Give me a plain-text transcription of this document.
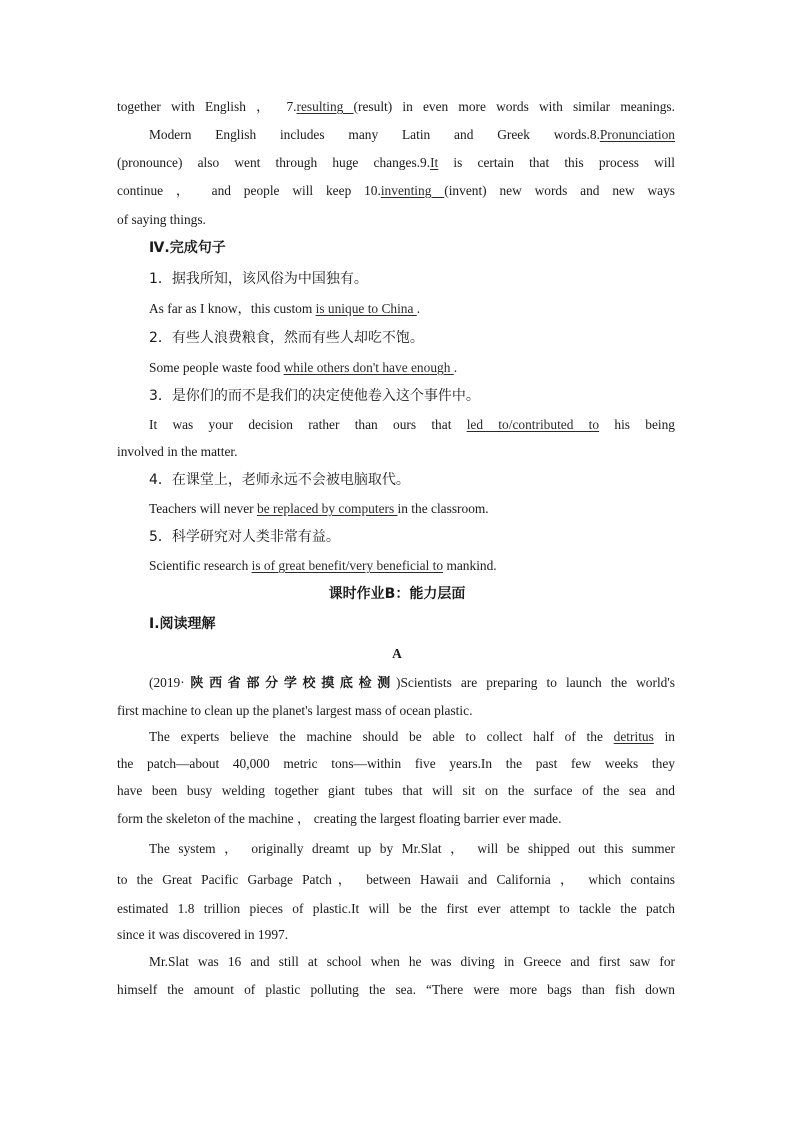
together with English ， 7.resulting (result) in even more words with similar meanings.
Modern English includes many Latin and Greek words.8.Pronunciation
(pronounce) also went through huge changes.9.It is certain that this process will
continue ， and people will keep 10.inventing (invent) new words and new ways
of saying things.
Ⅳ.完成句子
1．据我所知，该风俗为中国独有。
As far as I know，this custom is unique to China .
2．有些人浪费粮食，然而有些人却吃不饱。
Some people waste food while others don't have enough .
3．是你们的而不是我们的决定使他卷入这个事件中。
It was your decision rather than ours that led to/contributed to his being
involved in the matter.
4．在课堂上，老师永远不会被电脑取代。
Teachers will never be replaced by computers in the classroom.
5．科学研究对人类非常有益。
Scientific research is of great benefit/very beneficial to mankind.
课时作业B：能力层面
Ⅰ.阅读理解
A
(2019·陕西省部分学校摸底检测)Scientists are preparing to launch the world's
first machine to clean up the planet's largest mass of ocean plastic.
The experts believe the machine should be able to collect half of the detritus in
the patch—about 40,000 metric tons—within five years.In the past few weeks they
have been busy welding together giant tubes that will sit on the surface of the sea and
form the skeleton of the machine ， creating the largest floating barrier ever made.
The system ， originally dreamt up by Mr.Slat ， will be shipped out this summer
to the Great Pacific Garbage Patch， between Hawaii and California ， which contains
estimated 1.8 trillion pieces of plastic.It will be the first ever attempt to tackle the patch
since it was discovered in 1997.
Mr.Slat was 16 and still at school when he was diving in Greece and first saw for
himself the amount of plastic polluting the sea. “There were more bags than fish down
